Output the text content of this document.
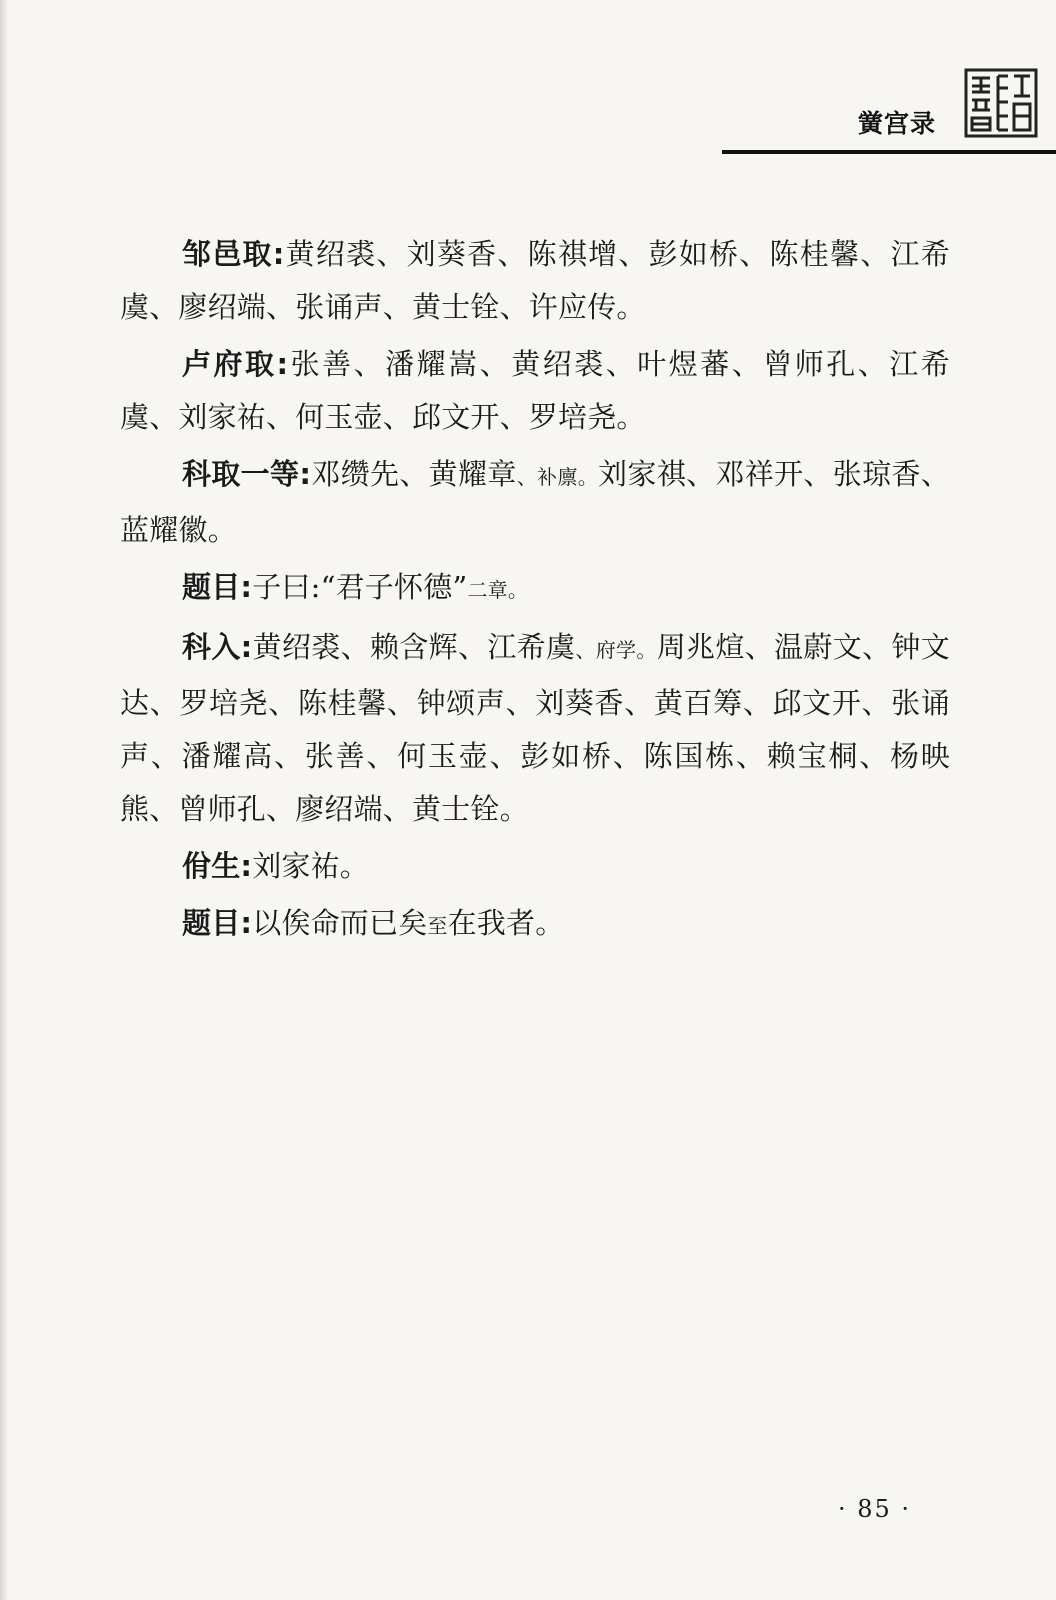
黉宫录

邹邑取:黄绍裘、刘葵香、陈祺增、彭如桥、陈桂馨、江希虞、廖绍端、张诵声、黄士铨、许应传。

卢府取:张善、潘耀嵩、黄绍裘、叶煜蕃、曾师孔、江希虞、刘家祐、何玉壶、邱文开、罗培尧。

科取一等:邓缵先、黄耀章、补廪。刘家祺、邓祥开、张琼香、蓝耀徽。

题目:子曰:“君子怀德”二章。

科入:黄绍裘、赖含辉、江希虞、府学。周兆煊、温蔚文、钟文达、罗培尧、陈桂馨、钟颂声、刘葵香、黄百筹、邱文开、张诵声、潘耀高、张善、何玉壶、彭如桥、陈国栋、赖宝桐、杨映熊、曾师孔、廖绍端、黄士铨。

佾生:刘家祐。

题目:以俟命而已矣至在我者。

· 85 ·
